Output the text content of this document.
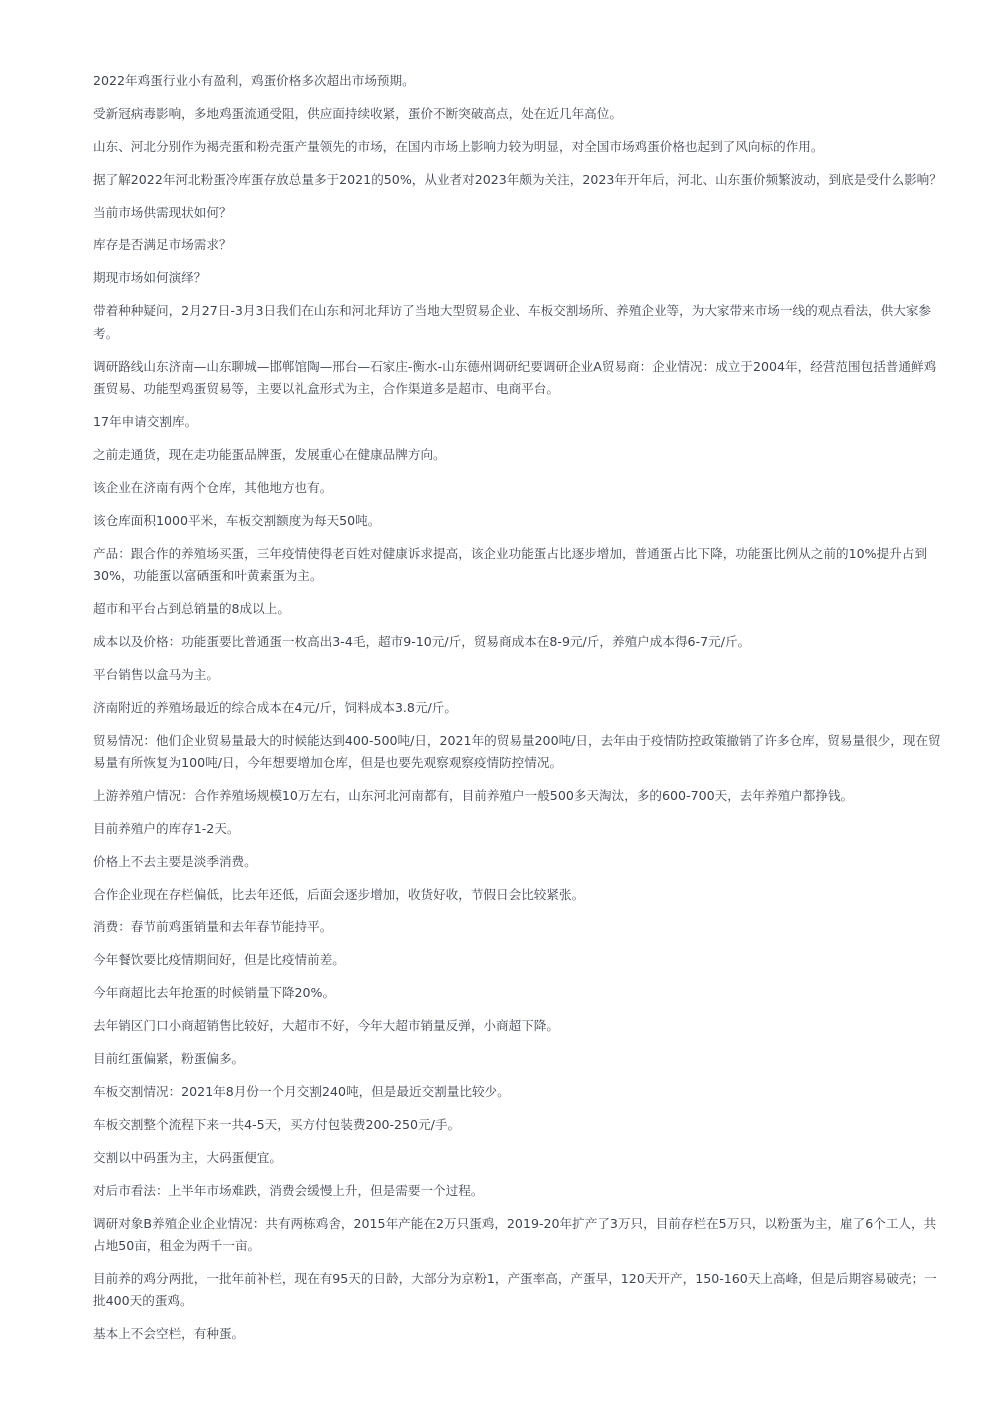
2022年鸡蛋行业小有盈利，鸡蛋价格多次超出市场预期。

受新冠病毒影响，多地鸡蛋流通受阻，供应面持续收紧，蛋价不断突破高点，处在近几年高位。

山东、河北分别作为褐壳蛋和粉壳蛋产量领先的市场，在国内市场上影响力较为明显，对全国市场鸡蛋价格也起到了风向标的作用。

据了解2022年河北粉蛋冷库蛋存放总量多于2021的50%，从业者对2023年颇为关注，2023年开年后，河北、山东蛋价频繁波动，到底是受什么影响？

当前市场供需现状如何？

库存是否满足市场需求？

期现市场如何演绎？

带着种种疑问，2月27日-3月3日我们在山东和河北拜访了当地大型贸易企业、车板交割场所、养殖企业等，为大家带来市场一线的观点看法，供大家参考。

调研路线山东济南—山东聊城—邯郸馆陶—邢台—石家庄-衡水-山东德州调研纪要调研企业A贸易商：企业情况：成立于2004年，经营范围包括普通鲜鸡蛋贸易、功能型鸡蛋贸易等，主要以礼盒形式为主，合作渠道多是超市、电商平台。

17年申请交割库。

之前走通货，现在走功能蛋品牌蛋，发展重心在健康品牌方向。

该企业在济南有两个仓库，其他地方也有。

该仓库面积1000平米，车板交割额度为每天50吨。

产品：跟合作的养殖场买蛋，三年疫情使得老百姓对健康诉求提高，该企业功能蛋占比逐步增加，普通蛋占比下降，功能蛋比例从之前的10%提升占到30%，功能蛋以富硒蛋和叶黄素蛋为主。

超市和平台占到总销量的8成以上。

成本以及价格：功能蛋要比普通蛋一枚高出3-4毛，超市9-10元/斤，贸易商成本在8-9元/斤，养殖户成本得6-7元/斤。

平台销售以盒马为主。

济南附近的养殖场最近的综合成本在4元/斤，饲料成本3.8元/斤。

贸易情况：他们企业贸易量最大的时候能达到400-500吨/日，2021年的贸易量200吨/日，去年由于疫情防控政策撤销了许多仓库，贸易量很少，现在贸易量有所恢复为100吨/日，今年想要增加仓库，但是也要先观察观察疫情防控情况。

上游养殖户情况：合作养殖场规模10万左右，山东河北河南都有，目前养殖户一般500多天淘汰，多的600-700天，去年养殖户都挣钱。

目前养殖户的库存1-2天。

价格上不去主要是淡季消费。

合作企业现在存栏偏低，比去年还低，后面会逐步增加，收货好收，节假日会比较紧张。

消费：春节前鸡蛋销量和去年春节能持平。

今年餐饮要比疫情期间好，但是比疫情前差。

今年商超比去年抢蛋的时候销量下降20%。

去年销区门口小商超销售比较好，大超市不好，今年大超市销量反弹，小商超下降。

目前红蛋偏紧，粉蛋偏多。

车板交割情况：2021年8月份一个月交割240吨，但是最近交割量比较少。

车板交割整个流程下来一共4-5天，买方付包装费200-250元/手。

交割以中码蛋为主，大码蛋便宜。

对后市看法：上半年市场难跌，消费会缓慢上升，但是需要一个过程。

调研对象B养殖企业企业情况：共有两栋鸡舍，2015年产能在2万只蛋鸡，2019-20年扩产了3万只，目前存栏在5万只，以粉蛋为主，雇了6个工人，共占地50亩，租金为两千一亩。

目前养的鸡分两批，一批年前补栏，现在有95天的日龄，大部分为京粉1，产蛋率高，产蛋早，120天开产，150-160天上高峰，但是后期容易破壳；一批400天的蛋鸡。

基本上不会空栏，有种蛋。
